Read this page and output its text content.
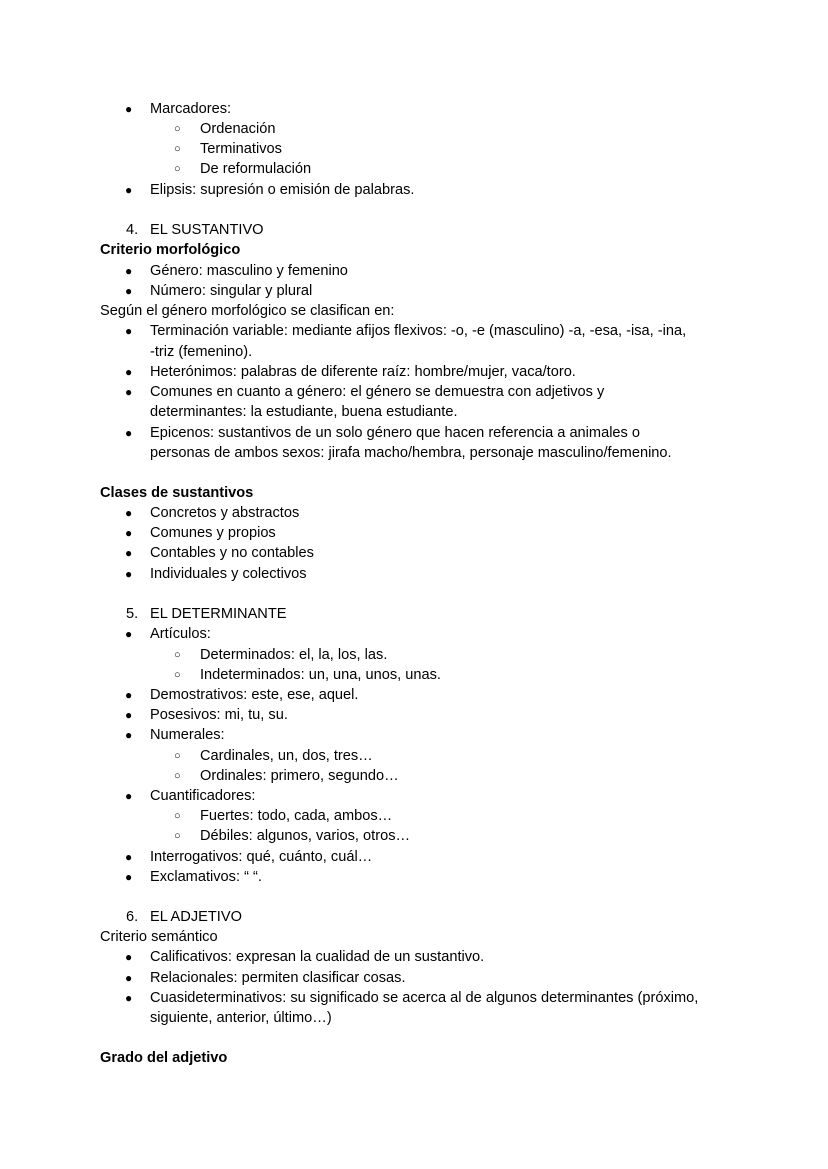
● Marcadores:
○ Ordenación
○ Terminativos
○ De reformulación
● Elipsis: supresión o emisión de palabras.
4. EL SUSTANTIVO
Criterio morfológico
● Género: masculino y femenino
● Número: singular y plural
Según el género morfológico se clasifican en:
● Terminación variable: mediante afijos flexivos: -o, -e (masculino) -a, -esa, -isa, -ina,
-triz (femenino).
● Heterónimos: palabras de diferente raíz: hombre/mujer, vaca/toro.
● Comunes en cuanto a género: el género se demuestra con adjetivos y
determinantes: la estudiante, buena estudiante.
● Epicenos: sustantivos de un solo género que hacen referencia a animales o
personas de ambos sexos: jirafa macho/hembra, personaje masculino/femenino.
Clases de sustantivos
● Concretos y abstractos
● Comunes y propios
● Contables y no contables
● Individuales y colectivos
5. EL DETERMINANTE
● Artículos:
○ Determinados: el, la, los, las.
○ Indeterminados: un, una, unos, unas.
● Demostrativos: este, ese, aquel.
● Posesivos: mi, tu, su.
● Numerales:
○ Cardinales, un, dos, tres…
○ Ordinales: primero, segundo…
● Cuantificadores:
○ Fuertes: todo, cada, ambos…
○ Débiles: algunos, varios, otros…
● Interrogativos: qué, cuánto, cuál…
● Exclamativos: “ “.
6. EL ADJETIVO
Criterio semántico
● Calificativos: expresan la cualidad de un sustantivo.
● Relacionales: permiten clasificar cosas.
● Cuasideterminativos: su significado se acerca al de algunos determinantes (próximo,
siguiente, anterior, último…)
Grado del adjetivo
